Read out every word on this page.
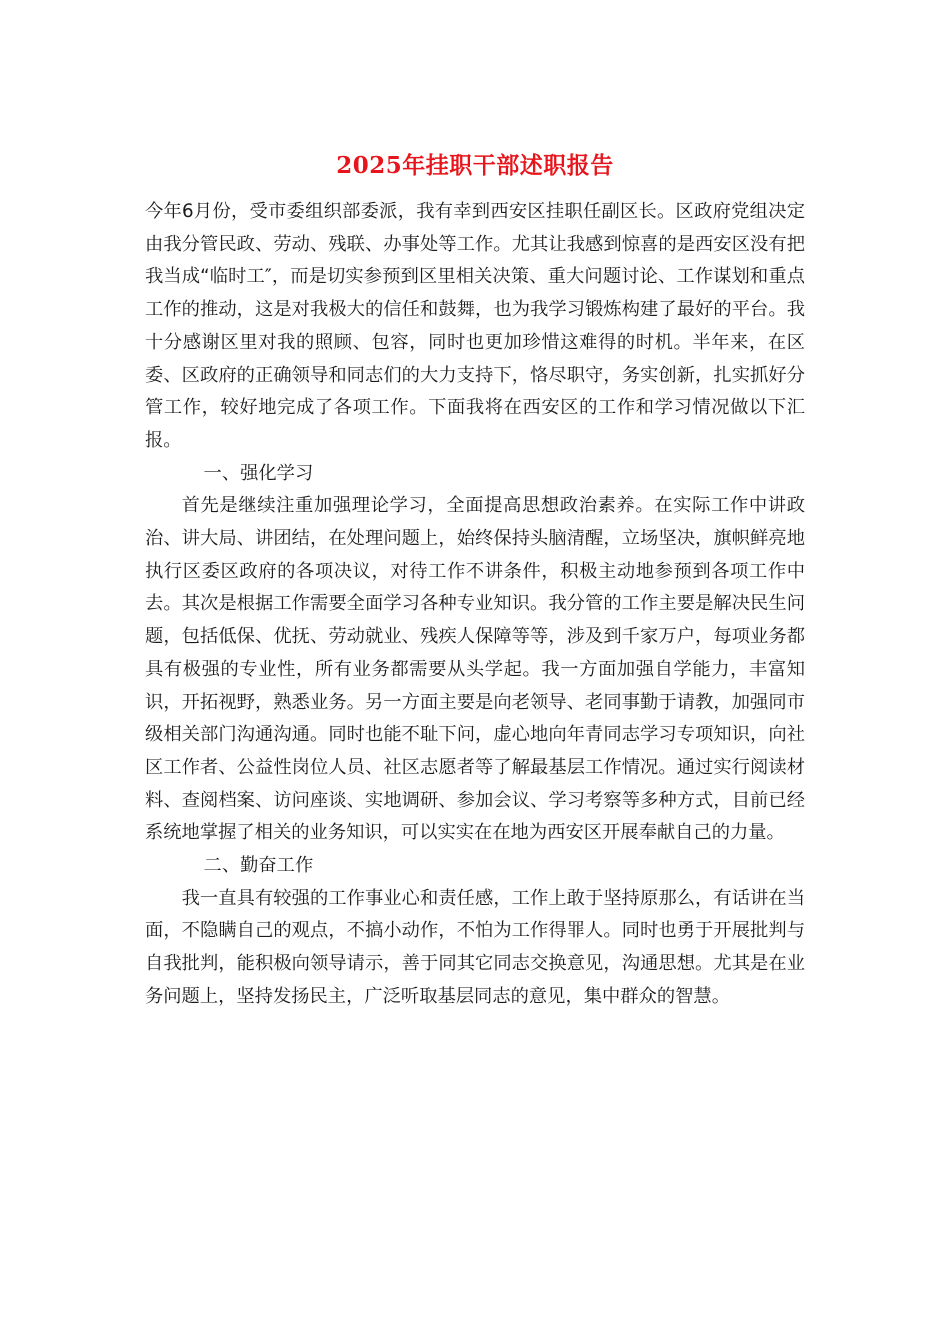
2025年挂职干部述职报告

今年6月份，受市委组织部委派，我有幸到西安区挂职任副区长。区政府党组决定由我分管民政、劳动、残联、办事处等工作。尤其让我感到惊喜的是西安区没有把我当成“临时工″，而是切实参预到区里相关决策、重大问题讨论、工作谋划和重点工作的推动，这是对我极大的信任和鼓舞，也为我学习锻炼构建了最好的平台。我十分感谢区里对我的照顾、包容，同时也更加珍惜这难得的时机。半年来，在区委、区政府的正确领导和同志们的大力支持下，恪尽职守，务实创新，扎实抓好分管工作，较好地完成了各项工作。下面我将在西安区的工作和学习情况做以下汇报。

一、强化学习

首先是继续注重加强理论学习，全面提高思想政治素养。在实际工作中讲政治、讲大局、讲团结，在处理问题上，始终保持头脑清醒，立场坚决，旗帜鲜亮地执行区委区政府的各项决议，对待工作不讲条件，积极主动地参预到各项工作中去。其次是根据工作需要全面学习各种专业知识。我分管的工作主要是解决民生问题，包括低保、优抚、劳动就业、残疾人保障等等，涉及到千家万户，每项业务都具有极强的专业性，所有业务都需要从头学起。我一方面加强自学能力，丰富知识，开拓视野，熟悉业务。另一方面主要是向老领导、老同事勤于请教，加强同市级相关部门沟通沟通。同时也能不耻下问，虚心地向年青同志学习专项知识，向社区工作者、公益性岗位人员、社区志愿者等了解最基层工作情况。通过实行阅读材料、查阅档案、访问座谈、实地调研、参加会议、学习考察等多种方式，目前已经系统地掌握了相关的业务知识，可以实实在在地为西安区开展奉献自己的力量。

二、勤奋工作

我一直具有较强的工作事业心和责任感，工作上敢于坚持原那么，有话讲在当面，不隐瞒自己的观点，不搞小动作，不怕为工作得罪人。同时也勇于开展批判与自我批判，能积极向领导请示，善于同其它同志交换意见，沟通思想。尤其是在业务问题上，坚持发扬民主，广泛听取基层同志的意见，集中群众的智慧。
